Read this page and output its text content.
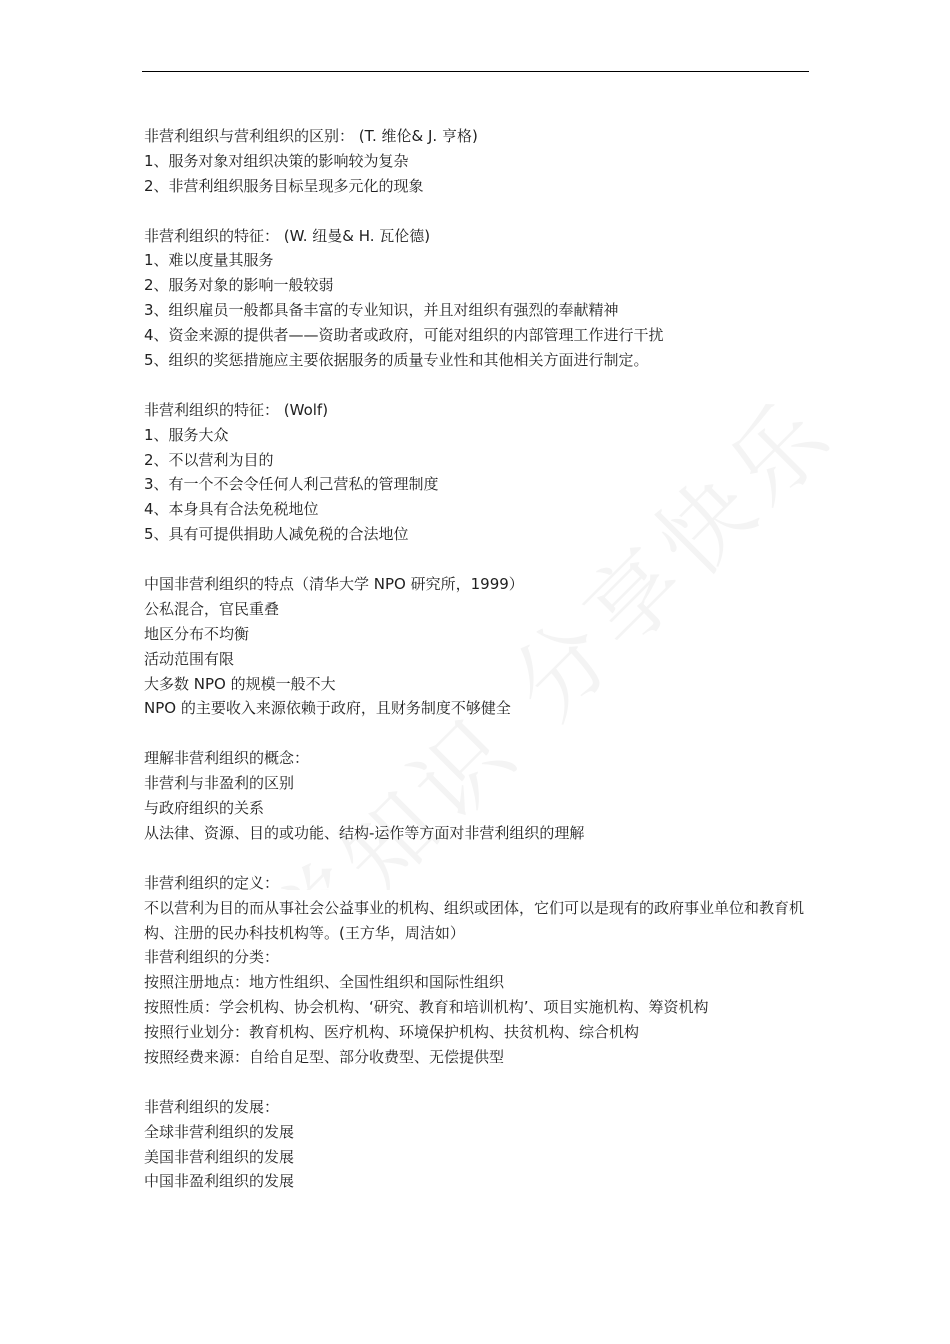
非营利组织与营利组织的区别： (T. 维伦& J. 亨格)
1、服务对象对组织决策的影响较为复杂
2、非营利组织服务目标呈现多元化的现象
非营利组织的特征： (W. 纽曼& H. 瓦伦德)
1、难以度量其服务
2、服务对象的影响一般较弱
3、组织雇员一般都具备丰富的专业知识，并且对组织有强烈的奉献精神
4、资金来源的提供者——资助者或政府，可能对组织的内部管理工作进行干扰
5、组织的奖惩措施应主要依据服务的质量专业性和其他相关方面进行制定。
非营利组织的特征： (Wolf)
1、服务大众
2、不以营利为目的
3、有一个不会令任何人利己营私的管理制度
4、本身具有合法免税地位
5、具有可提供捐助人减免税的合法地位
中国非营利组织的特点（清华大学 NPO 研究所，1999）
公私混合，官民重叠
地区分布不均衡
活动范围有限
大多数 NPO 的规模一般不大
NPO 的主要收入来源依赖于政府，且财务制度不够健全
理解非营利组织的概念：
非营利与非盈利的区别
与政府组织的关系
从法律、资源、目的或功能、结构-运作等方面对非营利组织的理解
非营利组织的定义：
不以营利为目的而从事社会公益事业的机构、组织或团体，它们可以是现有的政府事业单位和教育机构、注册的民办科技机构等。(王方华，周洁如）
非营利组织的分类：
按照注册地点：地方性组织、全国性组织和国际性组织
按照性质：学会机构、协会机构、‘研究、教育和培训机构’、项目实施机构、筹资机构
按照行业划分：教育机构、医疗机构、环境保护机构、扶贫机构、综合机构
按照经费来源：自给自足型、部分收费型、无偿提供型
非营利组织的发展：
全球非营利组织的发展
美国非营利组织的发展
中国非盈利组织的发展
